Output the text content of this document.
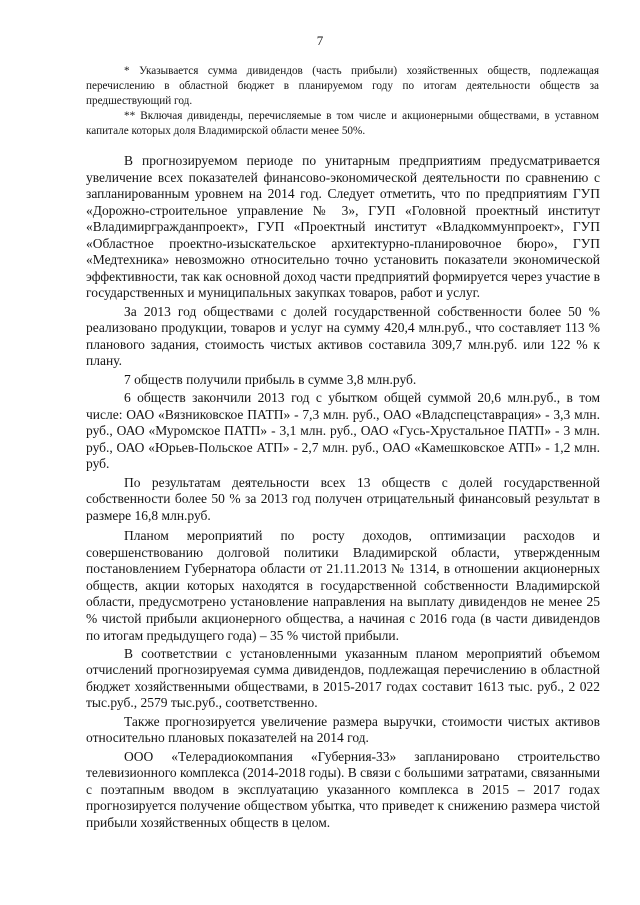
7

* Указывается сумма дивидендов (часть прибыли) хозяйственных обществ, подлежащая перечислению в областной бюджет в планируемом году по итогам деятельности обществ за предшествующий год.

** Включая дивиденды, перечисляемые в том числе и акционерными обществами, в уставном капитале которых доля Владимирской области менее 50%.

В прогнозируемом периоде по унитарным предприятиям предусматривается увеличение всех показателей финансово-экономической деятельности по сравнению с запланированным уровнем на 2014 год. Следует отметить, что по предприятиям ГУП «Дорожно-строительное управление № 3», ГУП «Головной проектный институт «Владимиргражданпроект», ГУП «Проектный институт «Владкоммунпроект», ГУП «Областное проектно-изыскательское архитектурно-планировочное бюро», ГУП «Медтехника» невозможно относительно точно установить показатели экономической эффективности, так как основной доход части предприятий формируется через участие в государственных и муниципальных закупках товаров, работ и услуг.

За 2013 год обществами с долей государственной собственности более 50 % реализовано продукции, товаров и услуг на сумму 420,4 млн.руб., что составляет 113 % планового задания, стоимость чистых активов составила 309,7 млн.руб. или 122 % к плану.

7 обществ получили прибыль в сумме 3,8 млн.руб.

6 обществ закончили 2013 год с убытком общей суммой 20,6 млн.руб., в том числе: ОАО «Вязниковское ПАТП» - 7,3 млн. руб., ОАО «Владспецставрация» - 3,3 млн. руб., ОАО «Муромское ПАТП» - 3,1 млн. руб., ОАО «Гусь-Хрустальное ПАТП» - 3 млн. руб., ОАО «Юрьев-Польское АТП» - 2,7 млн. руб., ОАО «Камешковское АТП» - 1,2 млн. руб.

По результатам деятельности всех 13 обществ с долей государственной собственности более 50 % за 2013 год получен отрицательный финансовый результат в размере 16,8 млн.руб.

Планом мероприятий по росту доходов, оптимизации расходов и совершенствованию долговой политики Владимирской области, утвержденным постановлением Губернатора области от 21.11.2013 № 1314, в отношении акционерных обществ, акции которых находятся в государственной собственности Владимирской области, предусмотрено установление направления на выплату дивидендов не менее 25 % чистой прибыли акционерного общества, а начиная с 2016 года (в части дивидендов по итогам предыдущего года) – 35 % чистой прибыли.

В соответствии с установленными указанным планом мероприятий объемом отчислений прогнозируемая сумма дивидендов, подлежащая перечислению в областной бюджет хозяйственными обществами, в 2015-2017 годах составит 1613 тыс. руб., 2 022 тыс.руб., 2579 тыс.руб., соответственно.

Также прогнозируется увеличение размера выручки, стоимости чистых активов относительно плановых показателей на 2014 год.

ООО «Телерадиокомпания «Губерния-33» запланировано строительство телевизионного комплекса (2014-2018 годы). В связи с большими затратами, связанными с поэтапным вводом в эксплуатацию указанного комплекса в 2015 – 2017 годах прогнозируется получение обществом убытка, что приведет к снижению размера чистой прибыли хозяйственных обществ в целом.
